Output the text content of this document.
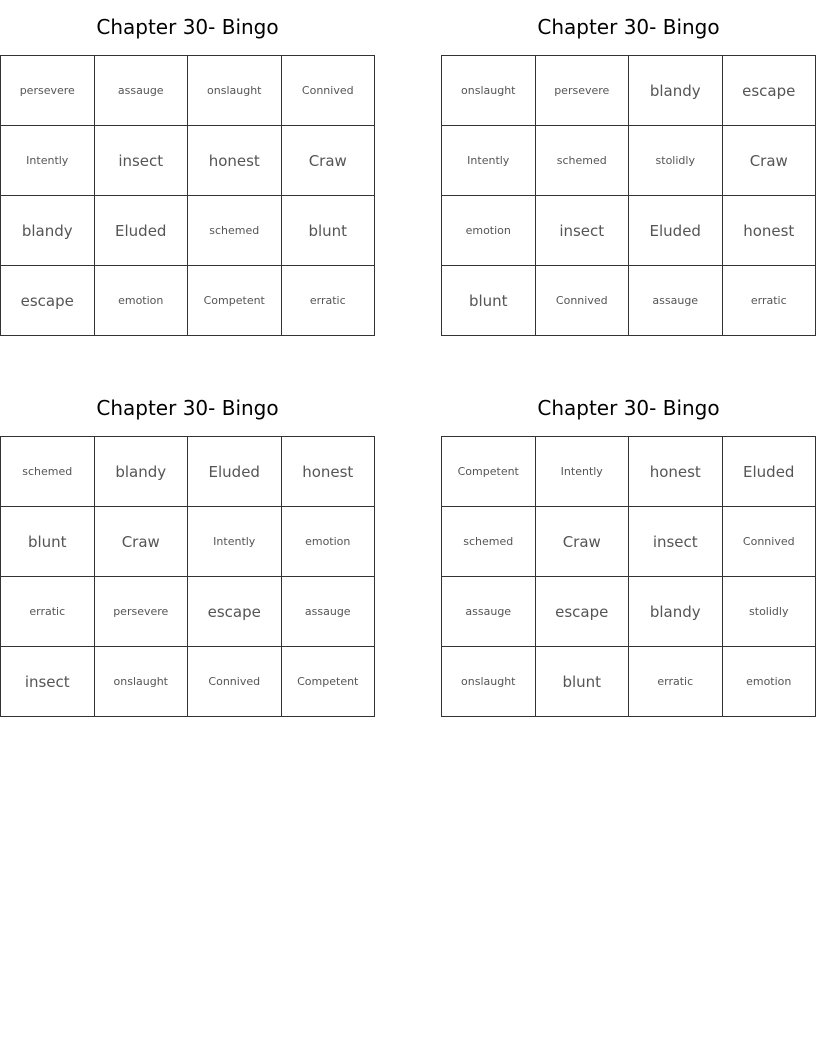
Chapter 30- Bingo
persevere	assauge	onslaught	Connived
Intently	insect	honest	Craw
blandy	Eluded	schemed	blunt
escape	emotion	Competent	erratic
Chapter 30- Bingo
onslaught	persevere	blandy	escape
Intently	schemed	stolidly	Craw
emotion	insect	Eluded	honest
blunt	Connived	assauge	erratic
Chapter 30- Bingo
schemed	blandy	Eluded	honest
blunt	Craw	Intently	emotion
erratic	persevere	escape	assauge
insect	onslaught	Connived	Competent
Chapter 30- Bingo
Competent	Intently	honest	Eluded
schemed	Craw	insect	Connived
assauge	escape	blandy	stolidly
onslaught	blunt	erratic	emotion
